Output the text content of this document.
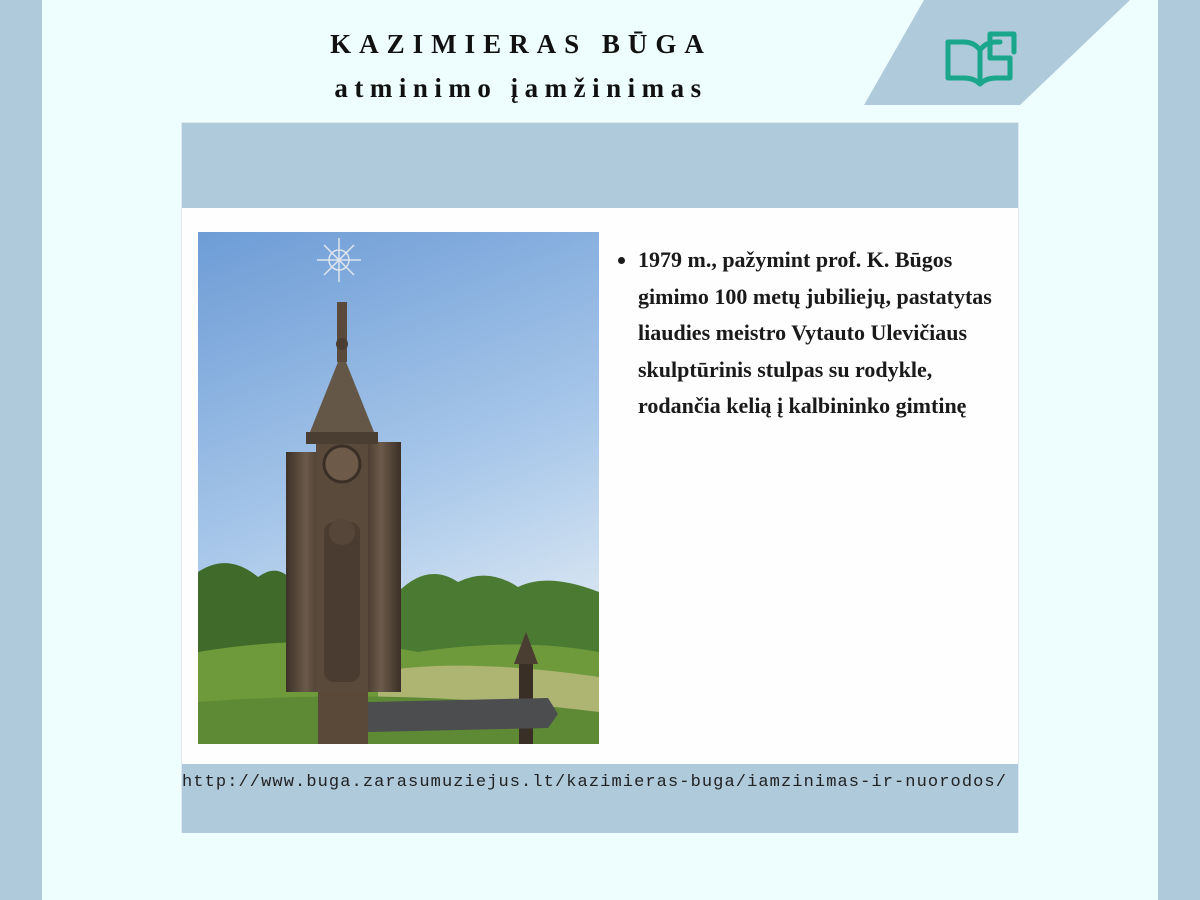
KAZIMIERAS BŪGA
atminimo įamžinimas
• 1979 m., pažymint prof. K. Būgos gimimo 100 metų jubiliejų, pastatytas liaudies meistro Vytauto Ulevičiaus skulptūrinis stulpas su rodykle, rodančia kelią į kalbininko gimtinę
http://www.buga.zarasumuziejus.lt/kazimieras-buga/iamzinimas-ir-nuorodos/
